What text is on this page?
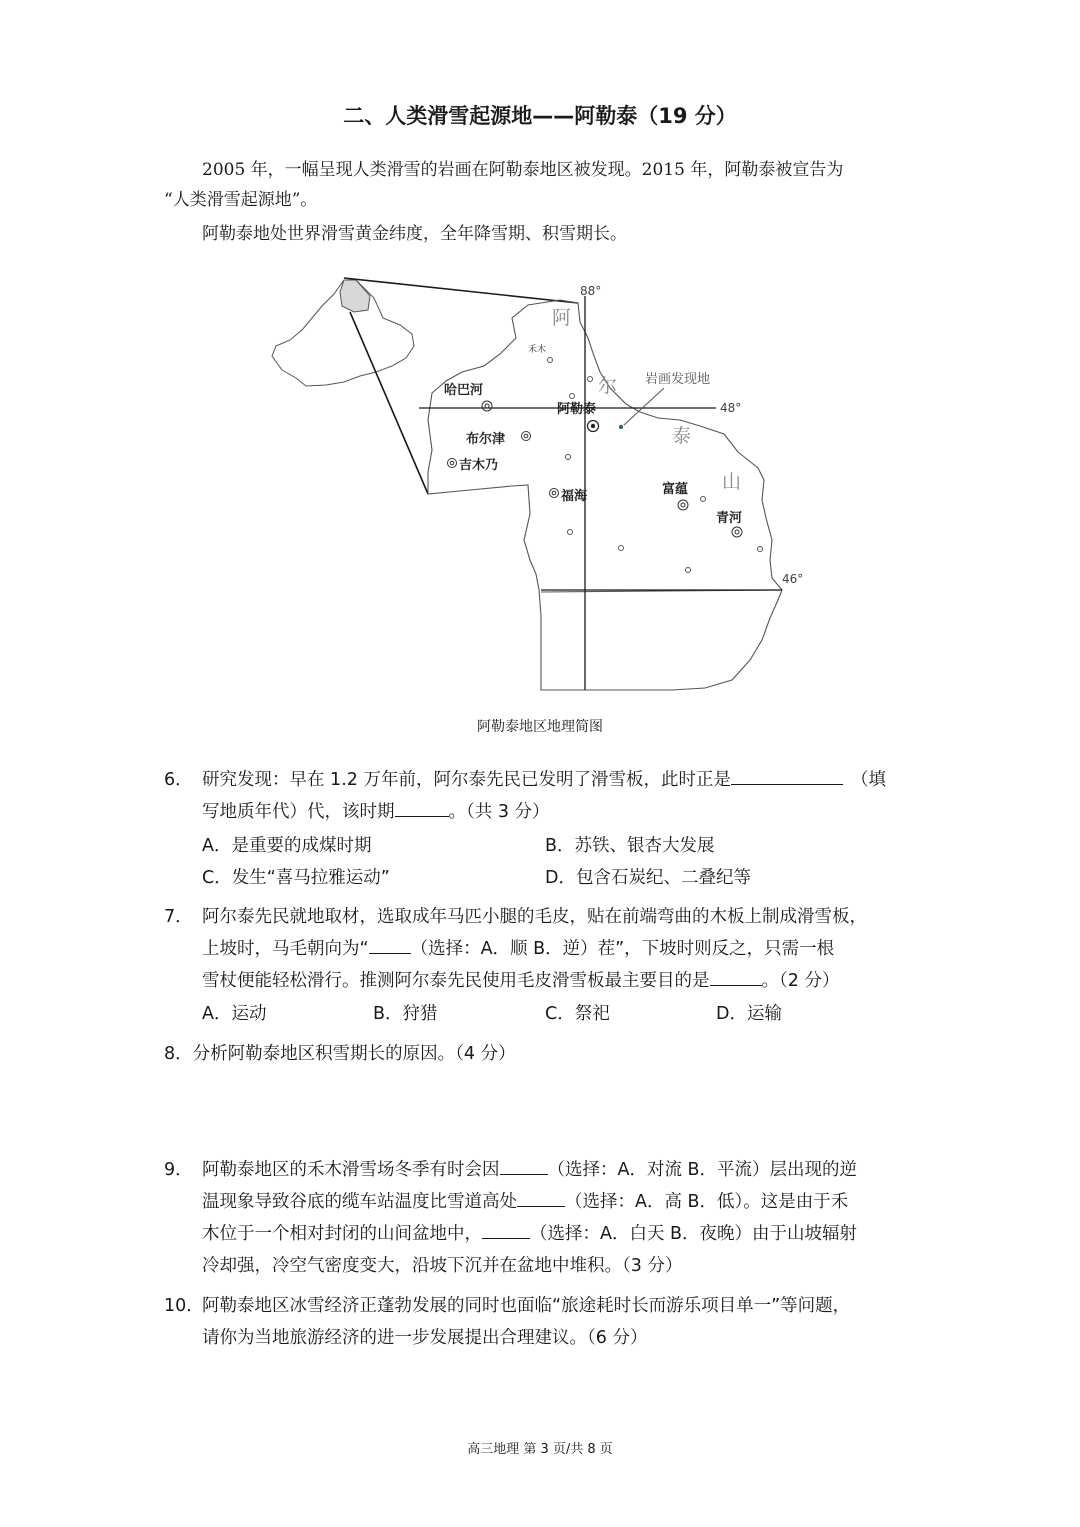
二、人类滑雪起源地——阿勒泰（19 分）
2005 年，一幅呈现人类滑雪的岩画在阿勒泰地区被发现。2015 年，阿勒泰被宣告为
“人类滑雪起源地”。
阿勒泰地处世界滑雪黄金纬度，全年降雪期、积雪期长。
88°
48°
46°
阿
尔
泰
山
岩画发现地
禾木
哈巴河
阿勒泰
布尔津
吉木乃
福海	富蕴
青河
阿勒泰地区地理简图
6． 研究发现：早在 1.2 万年前，阿尔泰先民已发明了滑雪板，此时正是	（填
写地质年代）代，该时期	。（共 3 分）
A．是重要的成煤时期	B．苏铁、银杏大发展
C．发生“喜马拉雅运动”	D．包含石炭纪、二叠纪等
7． 阿尔泰先民就地取材，选取成年马匹小腿的毛皮，贴在前端弯曲的木板上制成滑雪板，
上坡时，马毛朝向为“ （选择：A．顺 B．逆）茬”，下坡时则反之，只需一根
雪杖便能轻松滑行。推测阿尔泰先民使用毛皮滑雪板最主要目的是	。（2 分）
A．运动	B．狩猎	C．祭祀	D．运输
8．分析阿勒泰地区积雪期长的原因。（4 分）
9． 阿勒泰地区的禾木滑雪场冬季有时会因	（选择：A．对流 B．平流）层出现的逆
温现象导致谷底的缆车站温度比雪道高处	（选择：A．高 B．低）。这是由于禾
木位于一个相对封闭的山间盆地中，	（选择：A．白天 B．夜晚）由于山坡辐射
冷却强，冷空气密度变大，沿坡下沉并在盆地中堆积。（3 分）
10．
阿勒泰地区冰雪经济正蓬勃发展的同时也面临“旅途耗时长而游乐项目单一”等问题，
请你为当地旅游经济的进一步发展提出合理建议。（6 分）
高三地理 第 3 页/共 8 页
